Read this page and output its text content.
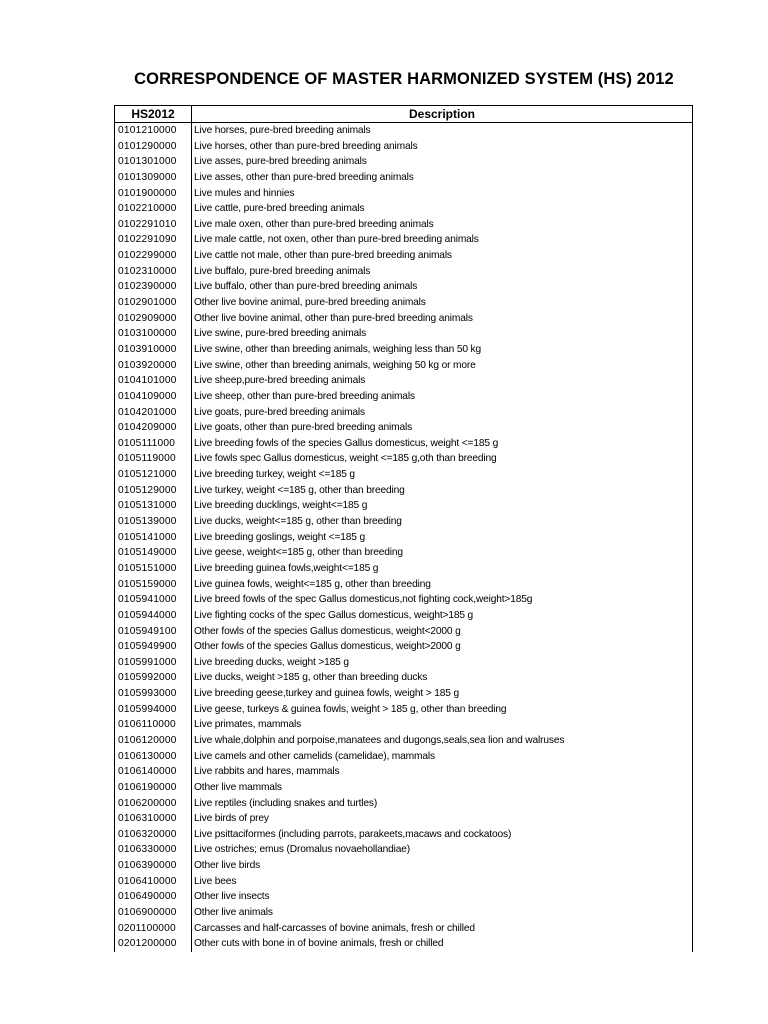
CORRESPONDENCE OF MASTER HARMONIZED SYSTEM (HS) 2012
HS2012	Description
0101210000	Live horses, pure-bred breeding animals
0101290000	Live horses, other than pure-bred breeding animals
0101301000	Live asses, pure-bred breeding animals
0101309000	Live asses, other than pure-bred breeding animals
0101900000	Live mules and hinnies
0102210000	Live cattle, pure-bred breeding animals
0102291010	Live male oxen, other than pure-bred breeding animals
0102291090	Live male cattle, not oxen, other than pure-bred breeding animals
0102299000	Live cattle not male, other than pure-bred breeding animals
0102310000	Live buffalo, pure-bred breeding animals
0102390000	Live buffalo, other than pure-bred breeding animals
0102901000	Other live bovine animal, pure-bred breeding animals
0102909000	Other live bovine animal, other than pure-bred breeding animals
0103100000	Live swine, pure-bred breeding animals
0103910000	Live swine, other than breeding animals, weighing less than 50 kg
0103920000	Live swine, other than breeding animals, weighing 50 kg or more
0104101000	Live sheep,pure-bred breeding animals
0104109000	Live sheep, other than pure-bred breeding animals
0104201000	Live goats, pure-bred breeding animals
0104209000	Live goats, other than pure-bred breeding animals
0105111000	Live breeding fowls of the species Gallus domesticus, weight <=185 g
0105119000	Live fowls spec Gallus domesticus, weight <=185 g,oth than breeding
0105121000	Live breeding turkey, weight <=185 g
0105129000	Live turkey, weight <=185 g, other than breeding
0105131000	Live breeding ducklings, weight<=185 g
0105139000	Live ducks, weight<=185 g, other than breeding
0105141000	Live breeding goslings, weight <=185 g
0105149000	Live geese, weight<=185 g, other than breeding
0105151000	Live breeding guinea fowls,weight<=185 g
0105159000	Live guinea fowls, weight<=185 g, other than breeding
0105941000	Live breed fowls of the spec Gallus domesticus,not fighting cock,weight>185g
0105944000	Live fighting cocks of the spec Gallus domesticus, weight>185 g
0105949100	Other fowls of the species Gallus domesticus, weight<2000 g
0105949900	Other fowls of the species Gallus domesticus, weight>2000 g
0105991000	Live breeding ducks, weight >185 g
0105992000	Live ducks, weight >185 g, other than breeding ducks
0105993000	Live breeding geese,turkey and guinea fowls, weight > 185 g
0105994000	Live geese, turkeys & guinea fowls, weight > 185 g, other than breeding
0106110000	Live primates, mammals
0106120000	Live whale,dolphin and porpoise,manatees and dugongs,seals,sea lion and walruses
0106130000	Live camels and other camelids (camelidae), mammals
0106140000	Live rabbits and hares, mammals
0106190000	Other live mammals
0106200000	Live reptiles (including snakes and turtles)
0106310000	Live birds of prey
0106320000	Live psittaciformes (including parrots, parakeets,macaws and cockatoos)
0106330000	Live ostriches; emus (Dromalus novaehollandiae)
0106390000	Other live birds
0106410000	Live bees
0106490000	Other live insects
0106900000	Other live animals
0201100000	Carcasses and half-carcasses of bovine animals, fresh or chilled
0201200000	Other cuts with bone in of bovine animals, fresh or chilled
